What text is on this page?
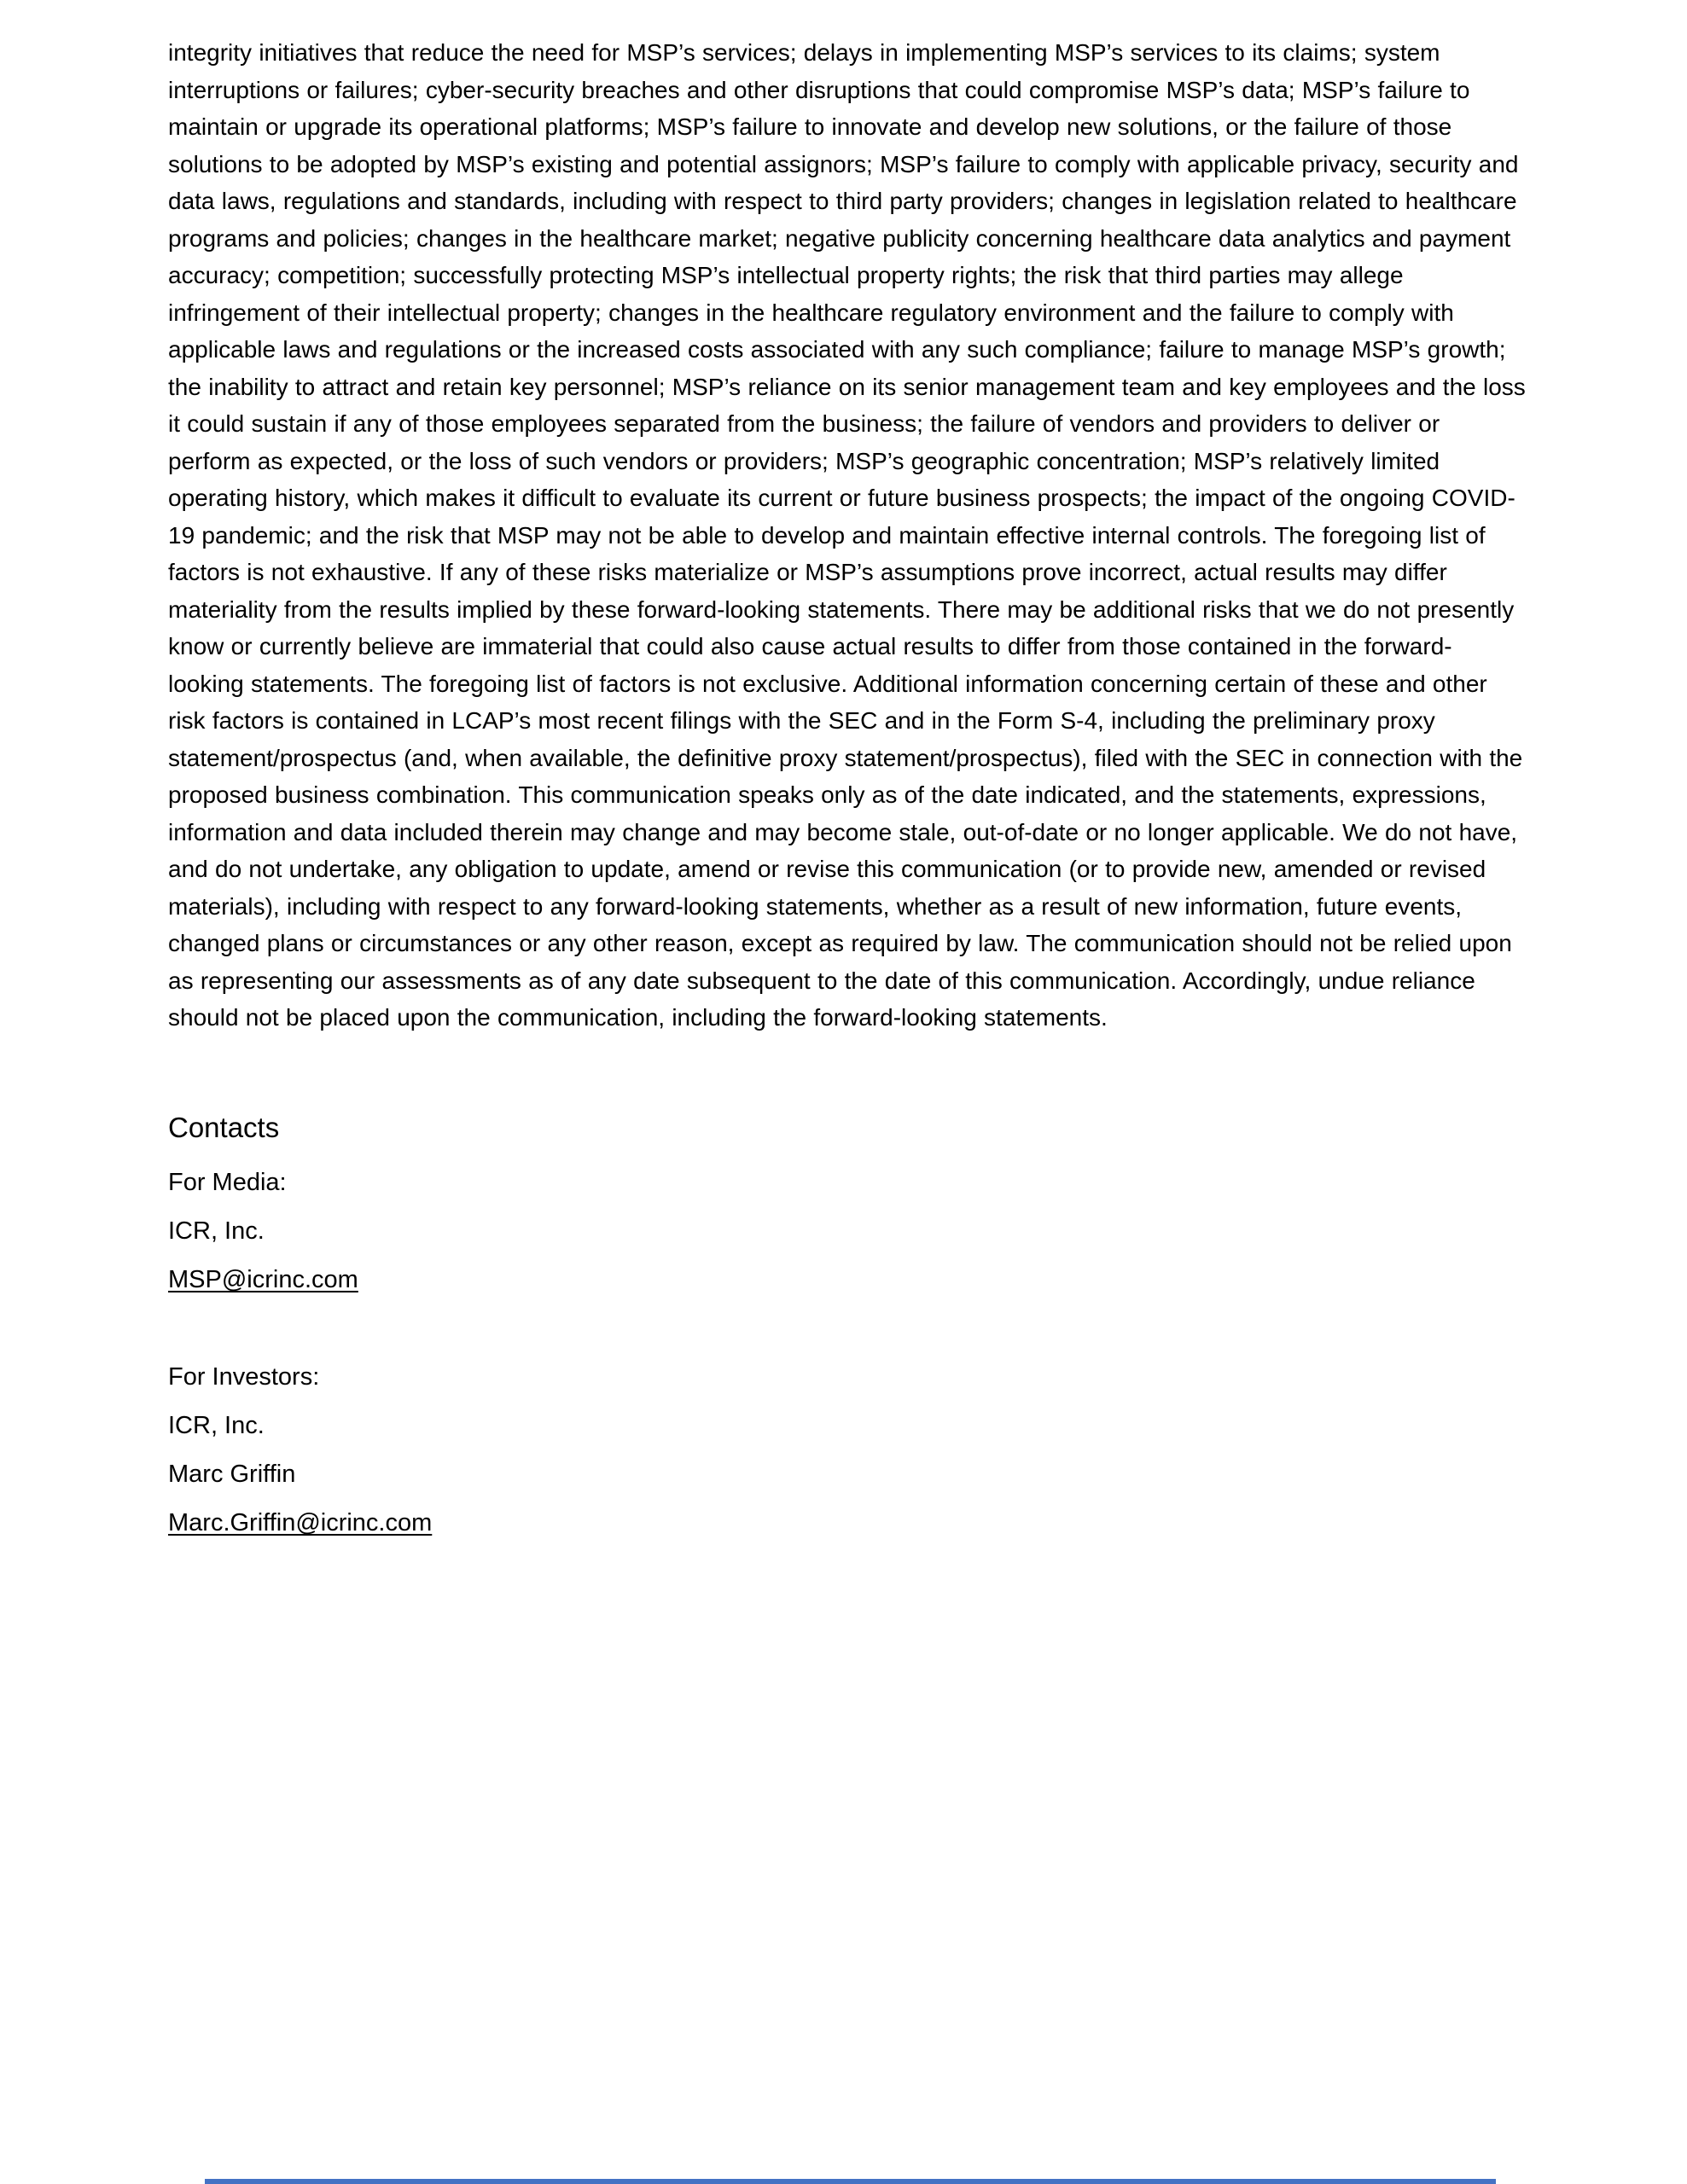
integrity initiatives that reduce the need for MSP’s services; delays in implementing MSP’s services to its claims; system interruptions or failures; cyber-security breaches and other disruptions that could compromise MSP’s data; MSP’s failure to maintain or upgrade its operational platforms; MSP’s failure to innovate and develop new solutions, or the failure of those solutions to be adopted by MSP’s existing and potential assignors; MSP’s failure to comply with applicable privacy, security and data laws, regulations and standards, including with respect to third party providers; changes in legislation related to healthcare programs and policies; changes in the healthcare market; negative publicity concerning healthcare data analytics and payment accuracy; competition; successfully protecting MSP’s intellectual property rights; the risk that third parties may allege infringement of their intellectual property; changes in the healthcare regulatory environment and the failure to comply with applicable laws and regulations or the increased costs associated with any such compliance; failure to manage MSP’s growth; the inability to attract and retain key personnel; MSP’s reliance on its senior management team and key employees and the loss it could sustain if any of those employees separated from the business; the failure of vendors and providers to deliver or perform as expected, or the loss of such vendors or providers; MSP’s geographic concentration; MSP’s relatively limited operating history, which makes it difficult to evaluate its current or future business prospects; the impact of the ongoing COVID-19 pandemic; and the risk that MSP may not be able to develop and maintain effective internal controls. The foregoing list of factors is not exhaustive. If any of these risks materialize or MSP’s assumptions prove incorrect, actual results may differ materiality from the results implied by these forward-looking statements. There may be additional risks that we do not presently know or currently believe are immaterial that could also cause actual results to differ from those contained in the forward-looking statements. The foregoing list of factors is not exclusive. Additional information concerning certain of these and other risk factors is contained in LCAP’s most recent filings with the SEC and in the Form S-4, including the preliminary proxy statement/prospectus (and, when available, the definitive proxy statement/prospectus), filed with the SEC in connection with the proposed business combination. This communication speaks only as of the date indicated, and the statements, expressions, information and data included therein may change and may become stale, out-of-date or no longer applicable. We do not have, and do not undertake, any obligation to update, amend or revise this communication (or to provide new, amended or revised materials), including with respect to any forward-looking statements, whether as a result of new information, future events, changed plans or circumstances or any other reason, except as required by law. The communication should not be relied upon as representing our assessments as of any date subsequent to the date of this communication. Accordingly, undue reliance should not be placed upon the communication, including the forward-looking statements.

Contacts
For Media:
ICR, Inc.
MSP@icrinc.com
For Investors:
ICR, Inc.
Marc Griffin
Marc.Griffin@icrinc.com
